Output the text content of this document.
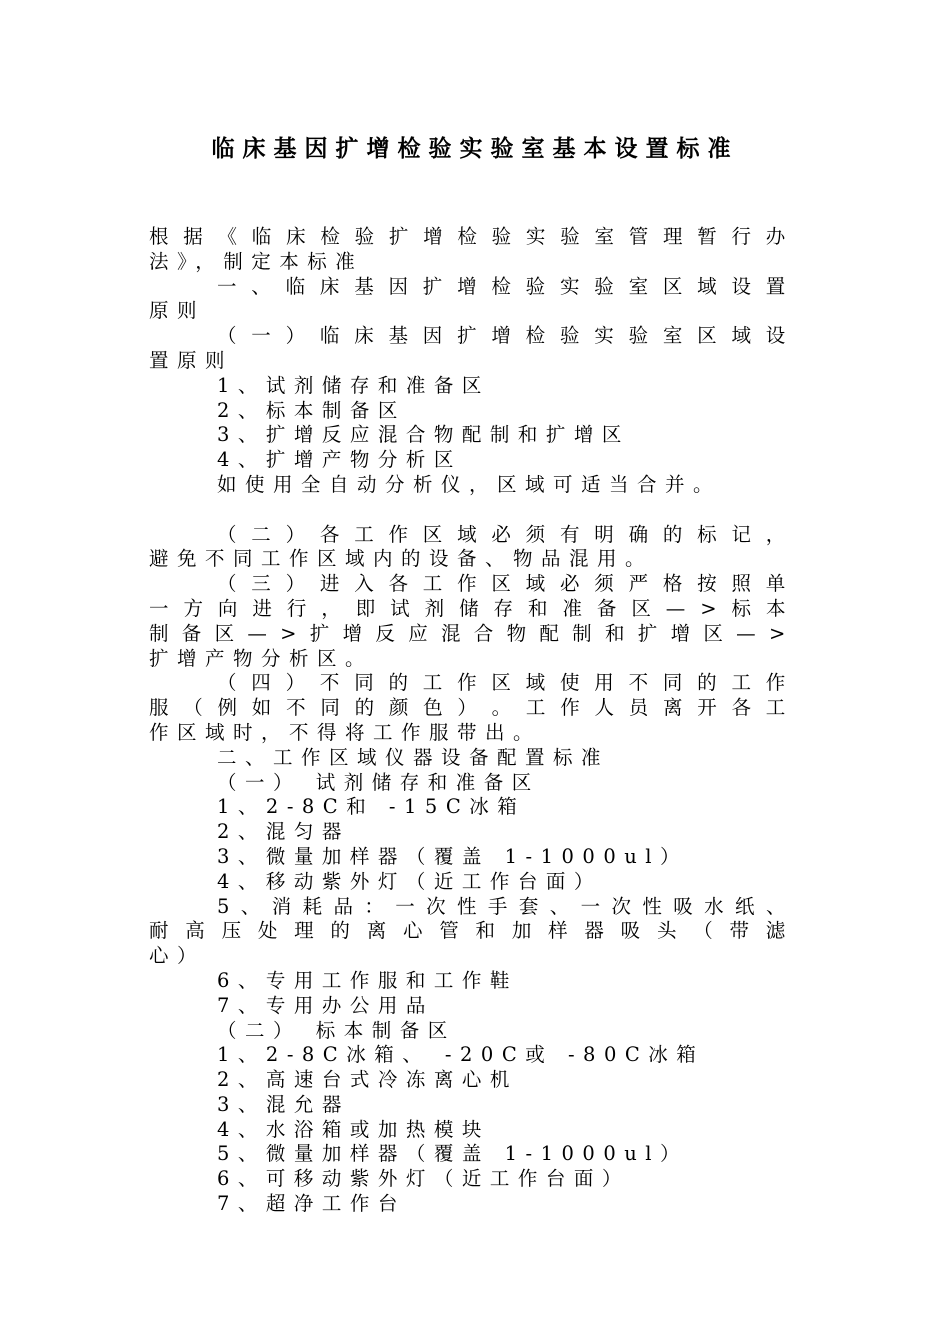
临床基因扩增检验实验室基本设置标准
根 据 《 临 床 检 验 扩 增 检 验 实 验 室 管 理 暂 行 办
法》，制定本标准
一 、 临 床 基 因 扩 增 检 验 实 验 室 区 域 设 置
原则
（ 一 ） 临 床 基 因 扩 增 检 验 实 验 室 区 域 设
置原则
1、试剂储存和准备区
2、标本制备区
3、扩增反应混合物配制和扩增区
4、扩增产物分析区
如使用全自动分析仪，区域可适当合并。
（ 二 ） 各 工 作 区 域 必 须 有 明 确 的 标 记 ，
避免不同工作区域内的设备、物品混用。
（ 三 ） 进 入 各 工 作 区 域 必 须 严 格 按 照 单
一 方 向 进 行 ， 即 试 剂 储 存 和 准 备 区 — > 标 本
制 备 区 — > 扩 增 反 应 混 合 物 配 制 和 扩 增 区 — >
扩增产物分析区。
（ 四 ） 不 同 的 工 作 区 域 使 用 不 同 的 工 作
服 （ 例 如 不 同 的 颜 色 ） 。 工 作 人 员 离 开 各 工
作区域时，不得将工作服带出。
二、工作区域仪器设备配置标准
（一） 试剂储存和准备区
1、2-8C和 -15C冰箱
2、混匀器
3、微量加样器（覆盖 1-1000ul）
4、移动紫外灯（近工作台面）
5 、 消 耗 品 ： 一 次 性 手 套 、 一 次 性 吸 水 纸 、
耐 高 压 处 理 的 离 心 管 和 加 样 器 吸 头 （ 带 滤
心）
6、专用工作服和工作鞋
7、专用办公用品
（二） 标本制备区
1、2-8C冰箱、 -20C或 -80C冰箱
2、高速台式冷冻离心机
3、混允器
4、水浴箱或加热模块
5、微量加样器（覆盖 1-1000ul）
6、可移动紫外灯（近工作台面）
7、超净工作台
